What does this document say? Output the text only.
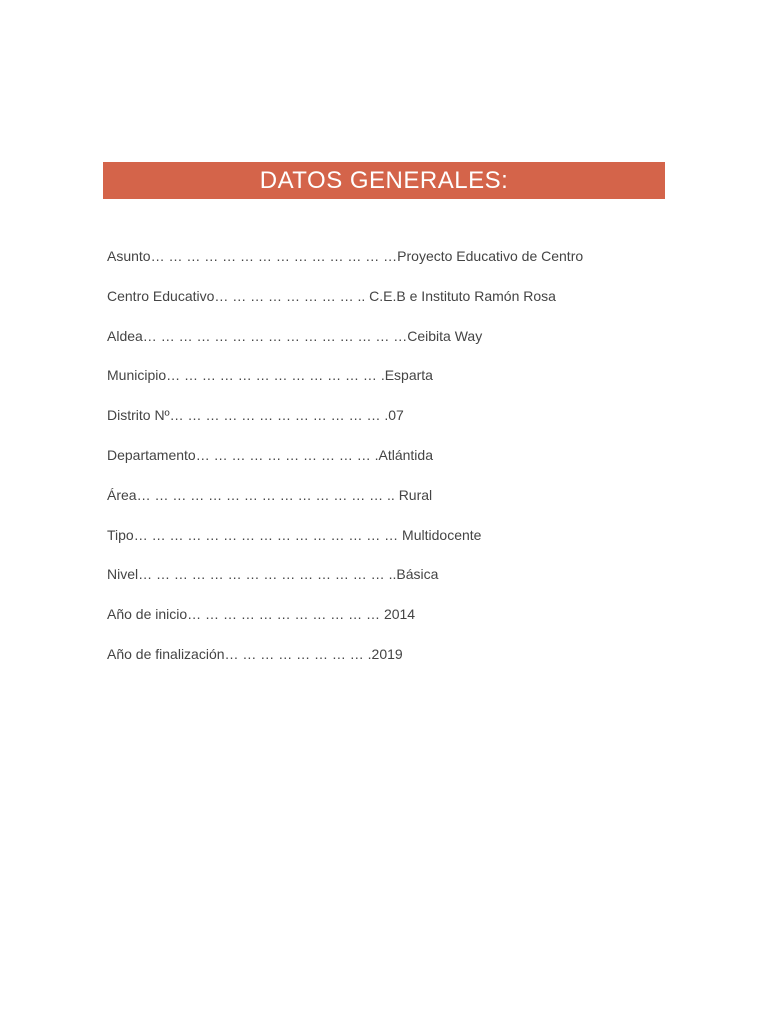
DATOS GENERALES:
Asunto… … … … … … … … … … … … … …Proyecto Educativo de Centro
Centro Educativo… … … … … … … … .. C.E.B e Instituto Ramón Rosa
Aldea… … … … … … … … … … … … … … …Ceibita Way
Municipio… … … … … … … … … … … … .Esparta
Distrito Nº… … … … … … … … … … … … .07
Departamento… … … … … … … … … … .Atlántida
Área… … … … … … … … … … … … … … .. Rural
Tipo… … … … … … … … … … … … … … … Multidocente
Nivel… … … … … … … … … … … … … … ..Básica
Año de inicio… … … … … … … … … … … 2014
Año de finalización… … … … … … … … .2019
